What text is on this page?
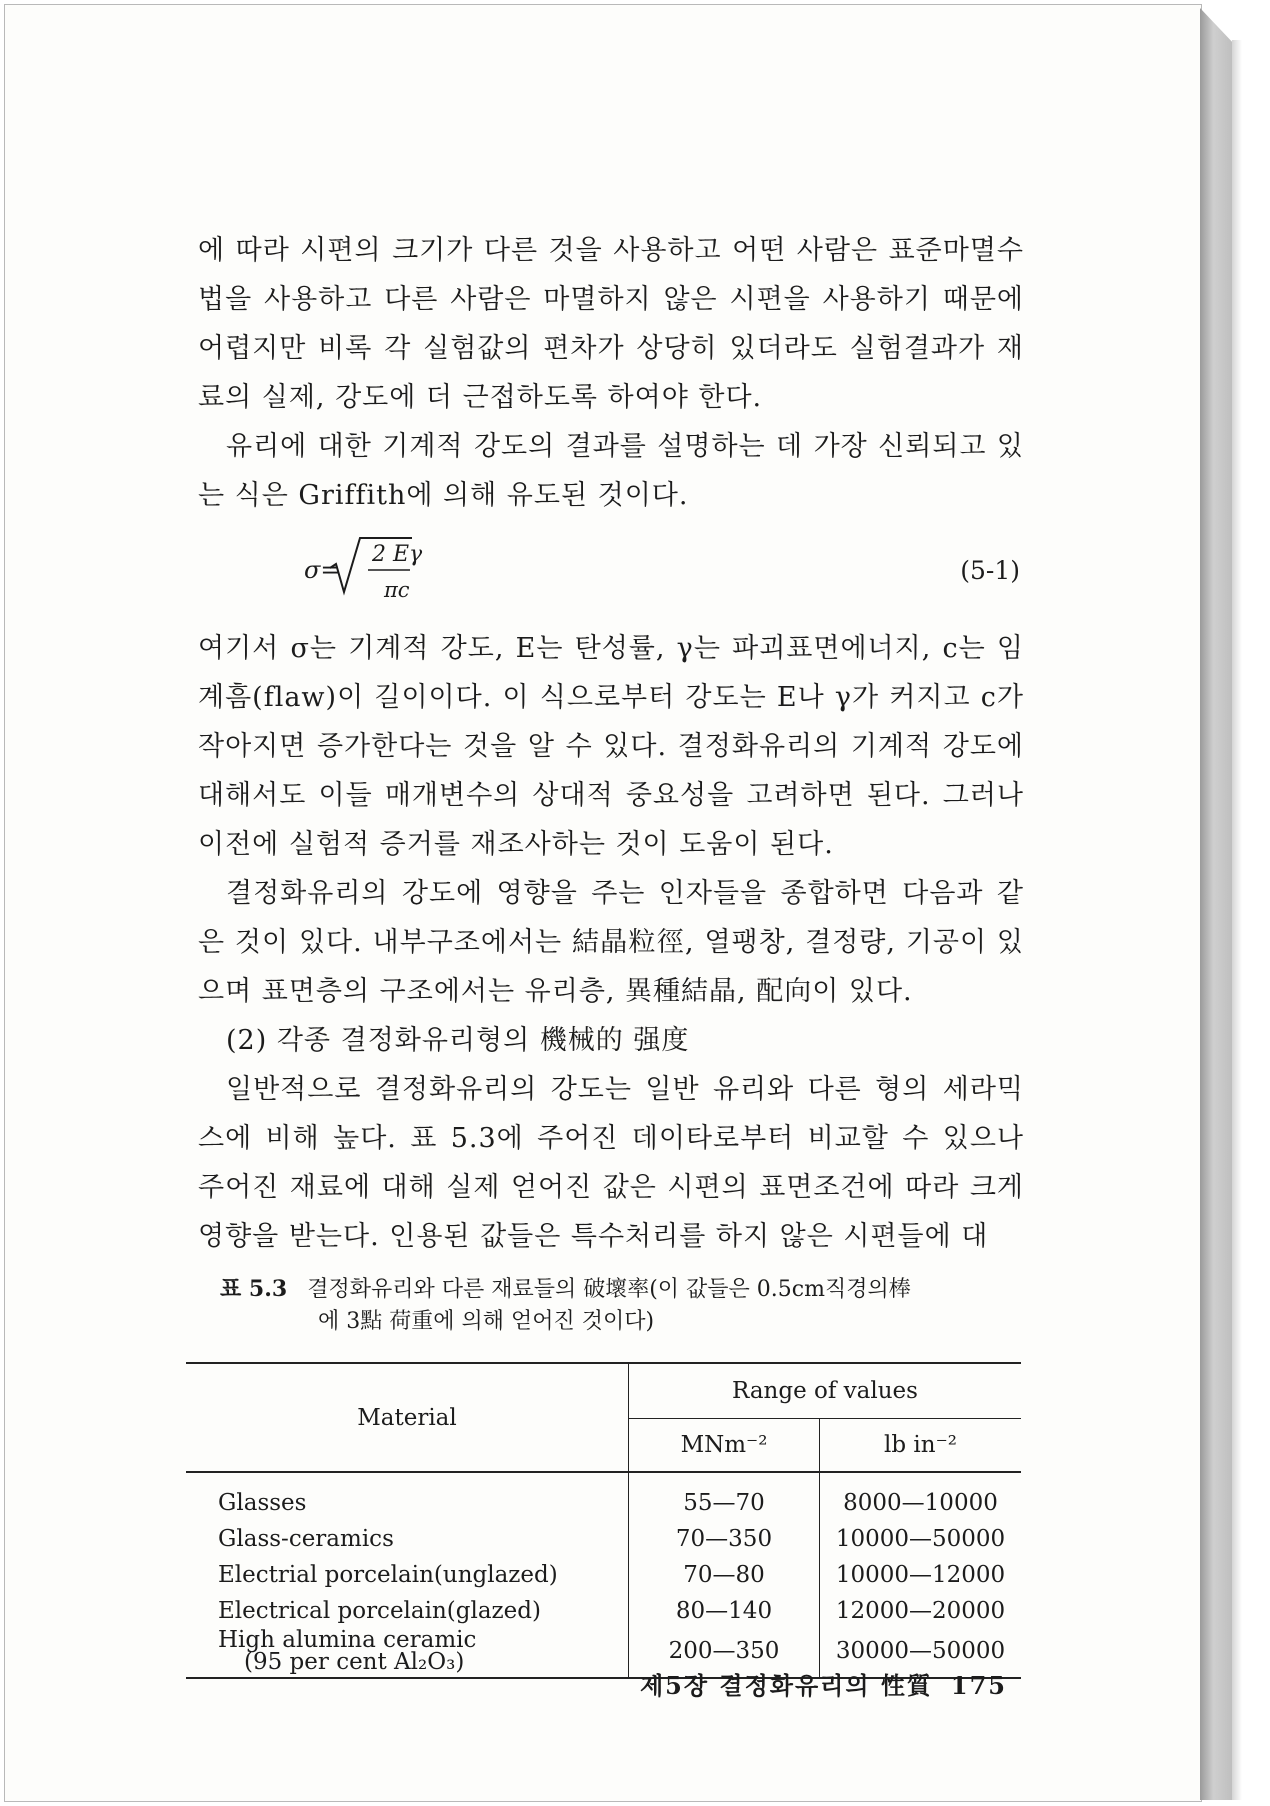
에 따라 시편의 크기가 다른 것을 사용하고 어떤 사람은 표준마멸수법을 사용하고 다른 사람은 마멸하지 않은 시편을 사용하기 때문에 어렵지만 비록 각 실험값의 편차가 상당히 있더라도 실험결과가 재료의 실제, 강도에 더 근접하도록 하여야 한다.

유리에 대한 기계적 강도의 결과를 설명하는 데 가장 신뢰되고 있는 식은 Griffith에 의해 유도된 것이다.

σ=
2 Eγ
πc
(5-1)

여기서 σ는 기계적 강도, E는 탄성률, γ는 파괴표면에너지, c는 임계흠(flaw)이 길이이다. 이 식으로부터 강도는 E나 γ가 커지고 c가 작아지면 증가한다는 것을 알 수 있다. 결정화유리의 기계적 강도에 대해서도 이들 매개변수의 상대적 중요성을 고려하면 된다. 그러나 이전에 실험적 증거를 재조사하는 것이 도움이 된다.

결정화유리의 강도에 영향을 주는 인자들을 종합하면 다음과 같은 것이 있다. 내부구조에서는 結晶粒徑, 열팽창, 결정량, 기공이 있으며 표면층의 구조에서는 유리층, 異種結晶, 配向이 있다.

(2) 각종 결정화유리형의 機械的 强度

일반적으로 결정화유리의 강도는 일반 유리와 다른 형의 세라믹스에 비해 높다. 표 5.3에 주어진 데이타로부터 비교할 수 있으나 주어진 재료에 대해 실제 얻어진 값은 시편의 표면조건에 따라 크게 영향을 받는다. 인용된 값들은 특수처리를 하지 않은 시편들에 대

표 5.3 결정화유리와 다른 재료들의 破壞率(이 값들은 0.5cm직경의棒
에 3點 荷重에 의해 얻어진 것이다)
Material	Range of values	
	MNm⁻²	lb in⁻²
Glasses	55—70	8000—10000
Glass-ceramics	70—350	10000—50000
Electrial porcelain(unglazed)	70—80	10000—12000
Electrical porcelain(glazed)	80—140	12000—20000

High alumina ceramic
(95 per cent Al₂O₃)	200—350	30000—50000
제5장 결정화유리의 性質 175
